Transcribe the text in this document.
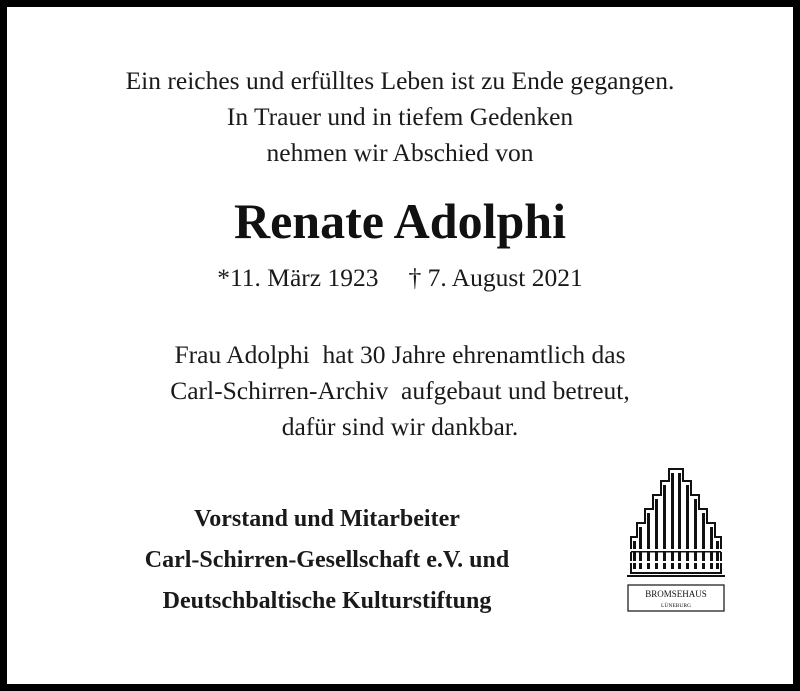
Ein reiches und erfülltes Leben ist zu Ende gegangen.
In Trauer und in tiefem Gedenken
nehmen wir Abschied von
Renate Adolphi
*11. März 1923 † 7. August 2021
Frau Adolphi  hat 30 Jahre ehrenamtlich das
Carl-Schirren-Archiv  aufgebaut und betreut,
dafür sind wir dankbar.
Vorstand und Mitarbeiter
Carl-Schirren-Gesellschaft e.V. und
Deutschbaltische Kulturstiftung	BROMSEHAUS
LÜNEBURG
